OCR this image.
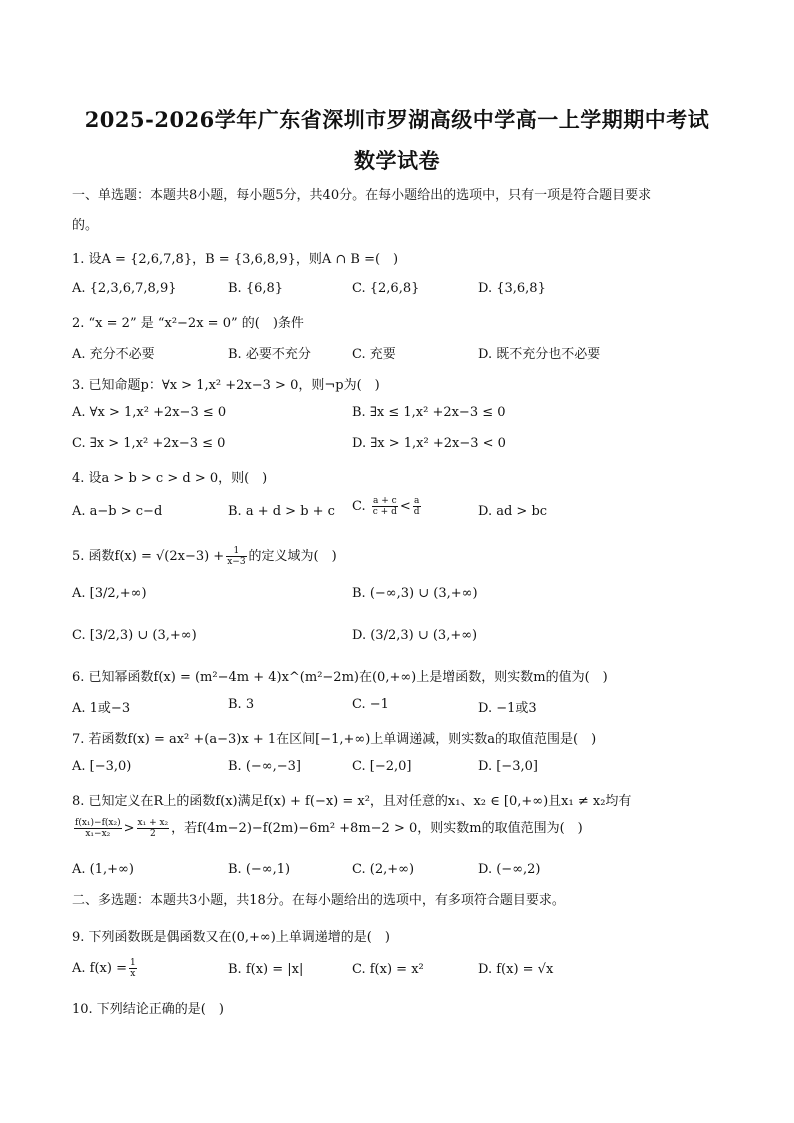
2025-2026学年广东省深圳市罗湖高级中学高一上学期期中考试
数学试卷
一、单选题：本题共8小题，每小题5分，共40分。在每小题给出的选项中，只有一项是符合题目要求
的。
1. 设A = {2,6,7,8}，B = {3,6,8,9}，则A ∩ B =(　)
A. {2,3,6,7,8,9}	B. {6,8}	C. {2,6,8}	D. {3,6,8}
2. “x = 2” 是 “x²−2x = 0” 的(　)条件
A. 充分不必要	B. 必要不充分	C. 充要	D. 既不充分也不必要
3. 已知命题p：∀x > 1,x² +2x−3 > 0，则¬p为(　)
A. ∀x > 1,x² +2x−3 ≤ 0	B. ∃x ≤ 1,x² +2x−3 ≤ 0
C. ∃x > 1,x² +2x−3 ≤ 0	D. ∃x > 1,x² +2x−3 < 0
4. 设a > b > c > d > 0，则(　)
A. a−b > c−d	B. a + d > b + c C. $\frac{a + c}{c + d} < \frac{a}{d}$	D. ad > bc
5. 函数$f(x) = √(2x-3) + \frac{1}{x-3}$ 的定义域为(　)
A. [3/2,+∞)	B. (−∞,3) ∪ (3,+∞)
C. [3/2,3) ∪ (3,+∞)	D. (3/2,3) ∪ (3,+∞)
6. 已知幂函数f(x) = (m²−4m + 4)x^(m²−2m)在(0,+∞)上是增函数，则实数m的值为(　)
A. 1或−3	B. 3	C. −1	D. −1或3
7. 若函数f(x) = ax² +(a−3)x + 1在区间[−1,+∞)上单调递减，则实数a的取值范围是(　)
A. [−3,0)	B. (−∞,−3]	C. [−2,0]	D. [−3,0]
8. 已知定义在R上的函数f(x)满足f(x) + f(−x) = x²，且对任意的x₁、x₂ ∈ [0,+∞)且x₁ ≠ x₂均有
$\frac{\text{f(x₁)−f(x₂)}}{\text{x₁−x₂}} > \frac{\text{x₁ + x₂}}{2}$ ，若f(4m−2)−f(2m)−6m² +8m−2 > 0，则实数m的取值范围为(　)
A. (1,+∞)	B. (−∞,1)	C. (2,+∞)	D. (−∞,2)
二、多选题：本题共3小题，共18分。在每小题给出的选项中，有多项符合题目要求。
9. 下列函数既是偶函数又在(0,+∞)上单调递增的是(　)
A. $f(x) = \frac{1}{x}$	B. f(x) = |x|	C. f(x) = x²	D. f(x) = √x
10. 下列结论正确的是(　)
